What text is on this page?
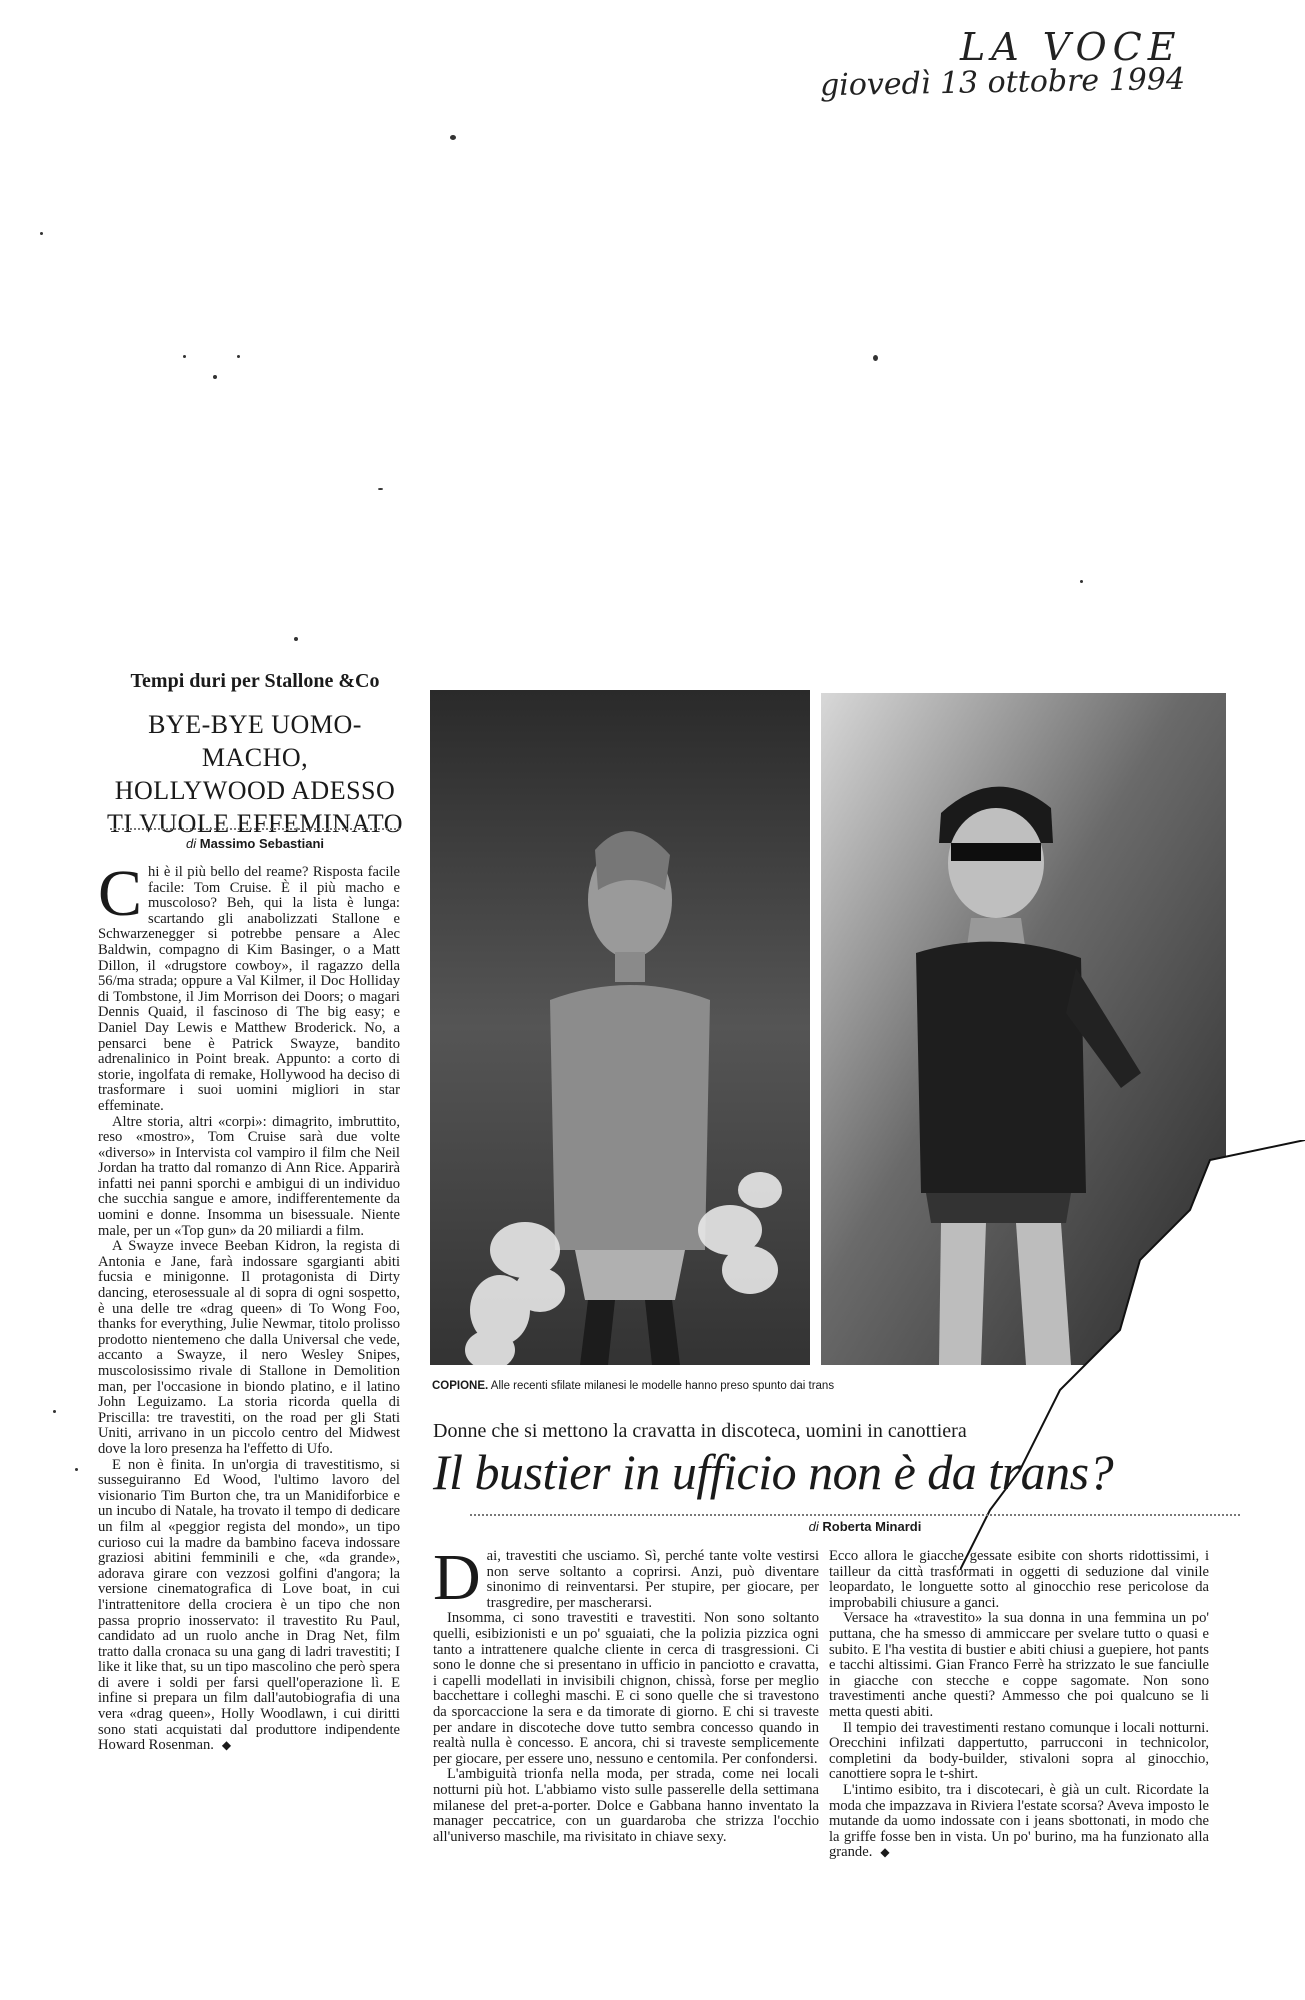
LA VOCE
giovedì 13 ottobre 1994
Tempi duri per Stallone &Co
BYE-BYE UOMO-MACHO,
HOLLYWOOD ADESSO
TI VUOLE EFFEMINATO
di Massimo Sebastiani

Chi è il più bello del reame? Risposta facile facile: Tom Cruise. È il più macho e muscoloso? Beh, qui la lista è lunga: scartando gli anabolizzati Stallone e Schwarzenegger si potrebbe pensare a Alec Baldwin, compagno di Kim Basinger, o a Matt Dillon, il «drugstore cowboy», il ragazzo della 56/ma strada; oppure a Val Kilmer, il Doc Holliday di Tombstone, il Jim Morrison dei Doors; o magari Dennis Quaid, il fascinoso di The big easy; e Daniel Day Lewis e Matthew Broderick. No, a pensarci bene è Patrick Swayze, bandito adrenalinico in Point break. Appunto: a corto di storie, ingolfata di remake, Hollywood ha deciso di trasformare i suoi uomini migliori in star effeminate.

Altre storia, altri «corpi»: dimagrito, imbruttito, reso «mostro», Tom Cruise sarà due volte «diverso» in Intervista col vampiro il film che Neil Jordan ha tratto dal romanzo di Ann Rice. Apparirà infatti nei panni sporchi e ambigui di un individuo che succhia sangue e amore, indifferentemente da uomini e donne. Insomma un bisessuale. Niente male, per un «Top gun» da 20 miliardi a film.

A Swayze invece Beeban Kidron, la regista di Antonia e Jane, farà indossare sgargianti abiti fucsia e minigonne. Il protagonista di Dirty dancing, eterosessuale al di sopra di ogni sospetto, è una delle tre «drag queen» di To Wong Foo, thanks for everything, Julie Newmar, titolo prolisso prodotto nientemeno che dalla Universal che vede, accanto a Swayze, il nero Wesley Snipes, muscolosissimo rivale di Stallone in Demolition man, per l'occasione in biondo platino, e il latino John Leguizamo. La storia ricorda quella di Priscilla: tre travestiti, on the road per gli Stati Uniti, arrivano in un piccolo centro del Midwest dove la loro presenza ha l'effetto di Ufo.

E non è finita. In un'orgia di travestitismo, si susseguiranno Ed Wood, l'ultimo lavoro del visionario Tim Burton che, tra un Manidiforbice e un incubo di Natale, ha trovato il tempo di dedicare un film al «peggior regista del mondo», un tipo curioso cui la madre da bambino faceva indossare graziosi abitini femminili e che, «da grande», adorava girare con vezzosi golfini d'angora; la versione cinematografica di Love boat, in cui l'intrattenitore della crociera è un tipo che non passa proprio inosservato: il travestito Ru Paul, candidato ad un ruolo anche in Drag Net, film tratto dalla cronaca su una gang di ladri travestiti; I like it like that, su un tipo mascolino che però spera di avere i soldi per farsi quell'operazione lì. E infine si prepara un film dall'autobiografia di una vera «drag queen», Holly Woodlawn, i cui diritti sono stati acquistati dal produttore indipendente Howard Rosenman. ◆

COPIONE. Alle recenti sfilate milanesi le modelle hanno preso spunto dai trans
Donne che si mettono la cravatta in discoteca, uomini in canottiera
Il bustier in ufficio non è da trans?
di Roberta Minardi

Dai, travestiti che usciamo. Sì, perché tante volte vestirsi non serve soltanto a coprirsi. Anzi, può diventare sinonimo di reinventarsi. Per stupire, per giocare, per trasgredire, per mascherarsi.

Insomma, ci sono travestiti e travestiti. Non sono soltanto quelli, esibizionisti e un po' sguaiati, che la polizia pizzica ogni tanto a intrattenere qualche cliente in cerca di trasgressioni. Ci sono le donne che si presentano in ufficio in panciotto e cravatta, i capelli modellati in invisibili chignon, chissà, forse per meglio bacchettare i colleghi maschi. E ci sono quelle che si travestono da sporcaccione la sera e da timorate di giorno. E chi si traveste per andare in discoteche dove tutto sembra concesso quando in realtà nulla è concesso. E ancora, chi si traveste semplicemente per giocare, per essere uno, nessuno e centomila. Per confondersi.

L'ambiguità trionfa nella moda, per strada, come nei locali notturni più hot. L'abbiamo visto sulle passerelle della settimana milanese del pret-a-porter. Dolce e Gabbana hanno inventato la manager peccatrice, con un guardaroba che strizza l'occhio all'universo maschile, ma rivisitato in chiave sexy.

Ecco allora le giacche gessate esibite con shorts ridottissimi, i tailleur da città trasformati in oggetti di seduzione dal vinile leopardato, le longuette sotto al ginocchio rese pericolose da improbabili chiusure a ganci.

Versace ha «travestito» la sua donna in una femmina un po' puttana, che ha smesso di ammiccare per svelare tutto o quasi e subito. E l'ha vestita di bustier e abiti chiusi a guepiere, hot pants e tacchi altissimi. Gian Franco Ferrè ha strizzato le sue fanciulle in giacche con stecche e coppe sagomate. Non sono travestimenti anche questi? Ammesso che poi qualcuno se li metta questi abiti.

Il tempio dei travestimenti restano comunque i locali notturni. Orecchini infilzati dappertutto, parrucconi in technicolor, completini da body-builder, stivaloni sopra al ginocchio, canottiere sopra le t-shirt.

L'intimo esibito, tra i discotecari, è già un cult. Ricordate la moda che impazzava in Riviera l'estate scorsa? Aveva imposto le mutande da uomo indossate con i jeans sbottonati, in modo che la griffe fosse ben in vista. Un po' burino, ma ha funzionato alla grande. ◆
